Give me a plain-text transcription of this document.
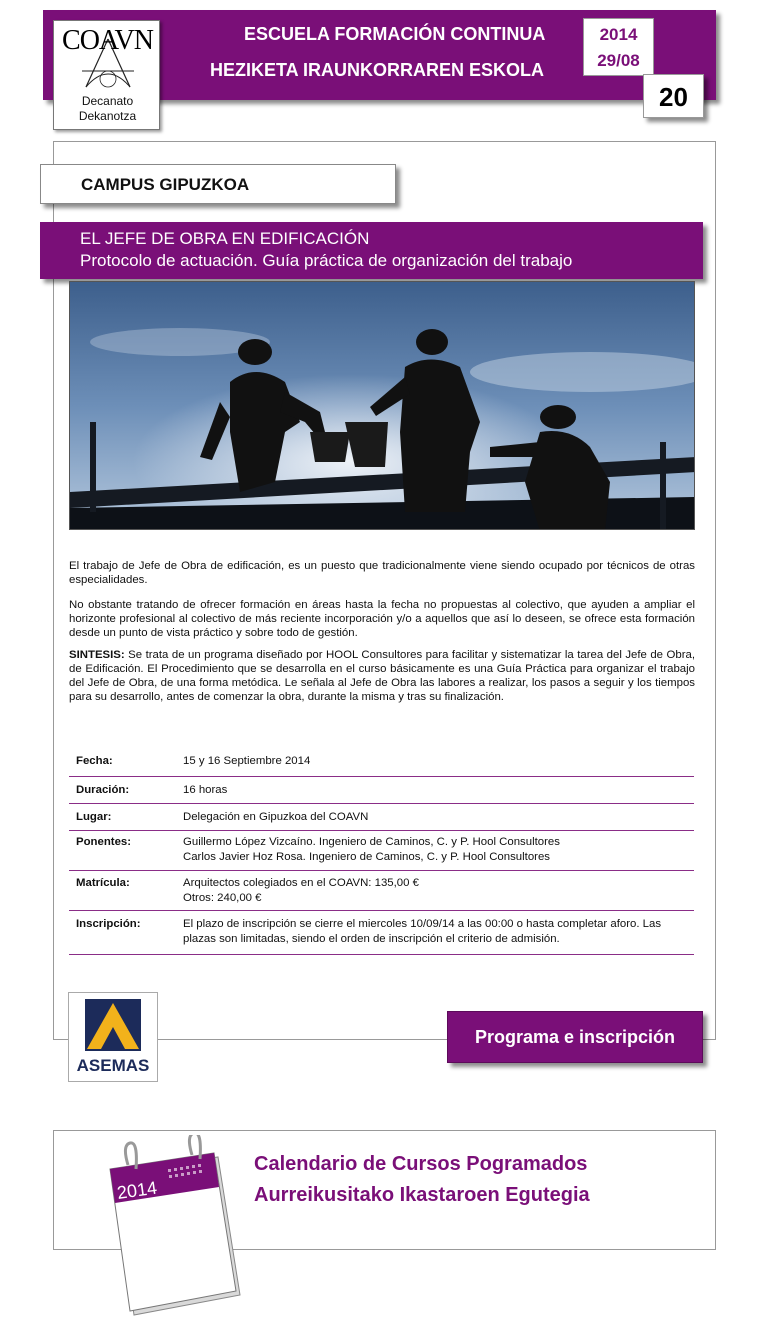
ESCUELA FORMACIÓN CONTINUA
HEZIKETA IRAUNKORRAREN ESKOLA
COAVN
Decanato
Dekanotza
2014
29/08
20
CAMPUS GIPUZKOA
EL JEFE DE OBRA EN EDIFICACIÓN
Protocolo de actuación. Guía práctica de organización del trabajo

El trabajo de Jefe de Obra de edificación, es un puesto que tradicionalmente viene siendo ocupado por técnicos de otras especialidades.

No obstante tratando de ofrecer formación en áreas hasta la fecha no propuestas al colectivo, que ayuden a ampliar el horizonte profesional al colectivo de más reciente incorporación y/o a aquellos que así lo deseen, se ofrece esta formación desde un punto de vista práctico y sobre todo de gestión.

SINTESIS: Se trata de un programa diseñado por HOOL Consultores para facilitar y sistematizar la tarea del Jefe de Obra, de Edificación. El Procedimiento que se desarrolla en el curso básicamente es una Guía Práctica para organizar el trabajo del Jefe de Obra, de una forma metódica. Le señala al Jefe de Obra las labores a realizar, los pasos a seguir y los tiempos para su desarrollo, antes de comenzar la obra, durante la misma y tras su finalización.

Fecha:	15 y 16 Septiembre 2014
Duración:	16 horas
Lugar:	Delegación en Gipuzkoa del COAVN
Ponentes:	Guillermo López Vizcaíno. Ingeniero de Caminos, C. y P. Hool Consultores
Carlos Javier Hoz Rosa. Ingeniero de Caminos, C. y P. Hool Consultores
Matrícula:	Arquitectos colegiados en el COAVN: 135,00 €
Otros: 240,00 €
Inscripción:	El plazo de inscripción se cierre el miercoles 10/09/14 a las 00:00 o hasta completar aforo. Las plazas son limitadas, siendo el orden de inscripción el criterio de admisión.
ASEMAS
Programa e inscripción
2014
Calendario de Cursos Pogramados
Aurreikusitako Ikastaroen Egutegia
